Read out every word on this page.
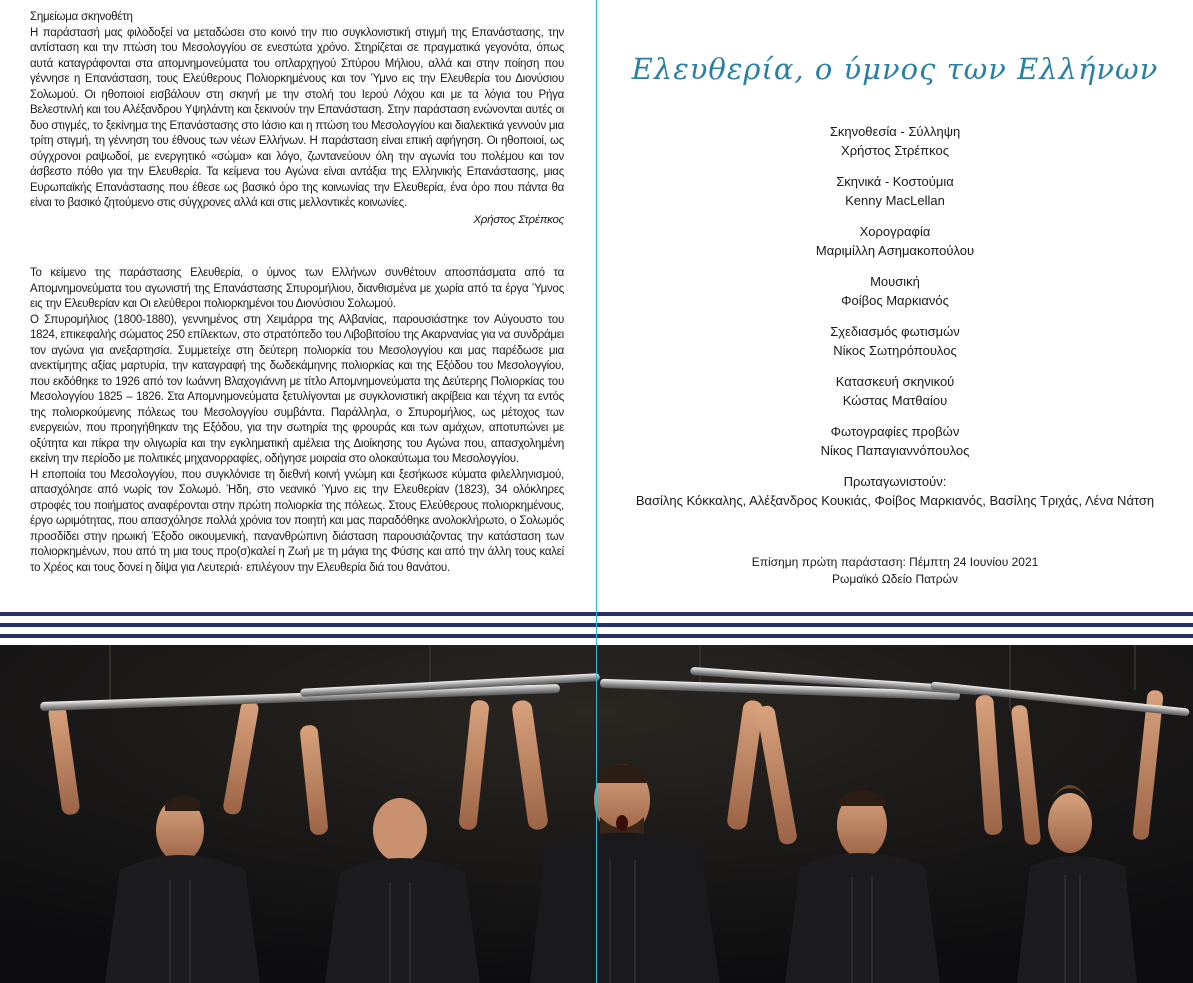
Σημείωμα σκηνοθέτη

Η παράστασή μας φιλοδοξεί να μεταδώσει στο κοινό την πιο συγκλονιστική στιγμή της Επανάστασης, την αντίσταση και την πτώση του Μεσολογγίου σε ενεστώτα χρόνο. Στηρίζεται σε πραγματικά γεγονότα, όπως αυτά καταγράφονται στα απομνημονεύματα του οπλαρχηγού Σπύρου Μήλιου, αλλά και στην ποίηση που γέννησε η Επανάσταση, τους Ελεύθερους Πολιορκημένους και τον Ύμνο εις την Ελευθερία του Διονύσιου Σολωμού. Οι ηθοποιοί εισβάλουν στη σκηνή με την στολή του Ιερού Λόχου και με τα λόγια του Ρήγα Βελεστινλή και του Αλέξανδρου Υψηλάντη και ξεκινούν την Επανάσταση. Στην παράσταση ενώνονται αυτές οι δυο στιγμές, το ξεκίνημα της Επανάστασης στο Ιάσιο και η πτώση του Μεσολογγίου και διαλεκτικά γεννούν μια τρίτη στιγμή, τη γέννηση του έθνους των νέων Ελλήνων. Η παράσταση είναι επική αφήγηση. Οι ηθοποιοί, ως σύγχρονοι ραψωδοί, με ενεργητικό «σώμα» και λόγο, ζωντανεύουν όλη την αγωνία του πολέμου και τον άσβεστο πόθο για την Ελευθερία. Τα κείμενα του Αγώνα είναι αντάξια της Ελληνικής Επανάστασης, μιας Ευρωπαϊκής Επανάστασης που έθεσε ως βασικό όρο της κοινωνίας την Ελευθερία, ένα όρο που πάντα θα είναι το βασικό ζητούμενο στις σύγχρονες αλλά και στις μελλοντικές κοινωνίες.

Χρήστος Στρέπκος

Το κείμενο της παράστασης Ελευθερία, ο ύμνος των Ελλήνων συνθέτουν αποσπάσματα από τα Απομνημονεύματα του αγωνιστή της Επανάστασης Σπυρομήλιου, διανθισμένα με χωρία από τα έργα Ύμνος εις την Ελευθερίαν και Οι ελεύθεροι πολιορκημένοι του Διονύσιου Σολωμού.

Ο Σπυρομήλιος (1800-1880), γεννημένος στη Χειμάρρα της Αλβανίας, παρουσιάστηκε τον Αύγουστο του 1824, επικεφαλής σώματος 250 επίλεκτων, στο στρατόπεδο του Λιβοβιτσίου της Ακαρνανίας για να συνδράμει τον αγώνα για ανεξαρτησία. Συμμετείχε στη δεύτερη πολιορκία του Μεσολογγίου και μας παρέδωσε μια ανεκτίμητης αξίας μαρτυρία, την καταγραφή της δωδεκάμηνης πολιορκίας και της Εξόδου του Μεσολογγίου, που εκδόθηκε το 1926 από τον Ιωάννη Βλαχογιάννη με τίτλο Απομνημονεύματα της Δεύτερης Πολιορκίας του Μεσολογγίου 1825 – 1826. Στα Απομνημονεύματα ξετυλίγονται με συγκλονιστική ακρίβεια και τέχνη τα εντός της πολιορκούμενης πόλεως του Μεσολογγίου συμβάντα. Παράλληλα, ο Σπυρομήλιος, ως μέτοχος των ενεργειών, που προηγήθηκαν της Εξόδου, για την σωτηρία της φρουράς και των αμάχων, αποτυπώνει με οξύτητα και πίκρα την ολιγωρία και την εγκληματική αμέλεια της Διοίκησης του Αγώνα που, απασχολημένη εκείνη την περίοδο με πολιτικές μηχανορραφίες, οδήγησε μοιραία στο ολοκαύτωμα του Μεσολογγίου.

Η εποποιία του Μεσολογγίου, που συγκλόνισε τη διεθνή κοινή γνώμη και ξεσήκωσε κύματα φιλελληνισμού, απασχόλησε από νωρίς τον Σολωμό. Ήδη, στο νεανικό Ύμνο εις την Ελευθερίαν (1823), 34 ολόκληρες στροφές του ποιήματος αναφέρονται στην πρώτη πολιορκία της πόλεως. Στους Ελεύθερους πολιορκημένους, έργο ωριμότητας, που απασχόλησε πολλά χρόνια τον ποιητή και μας παραδόθηκε ανολοκλήρωτο, ο Σολωμός προσδίδει στην ηρωική Έξοδο οικουμενική, πανανθρώπινη διάσταση παρουσιάζοντας την κατάσταση των πολιορκημένων, που από τη μια τους προ(σ)καλεί η Ζωή με τη μάγια της Φύσης και από την άλλη τους καλεί το Χρέος και τους δονεί η δίψα για Λευτεριά· επιλέγουν την Ελευθερία διά του θανάτου.

Ελευθερία, ο ύμνος των Ελλήνων
Σκηνοθεσία - Σύλληψη
Χρήστος Στρέπκος
Σκηνικά - Κοστούμια
Kenny MacLellan
Χορογραφία
Μαριμίλλη Ασημακοπούλου
Μουσική
Φοίβος Μαρκιανός
Σχεδιασμός φωτισμών
Νίκος Σωτηρόπουλος
Κατασκευή σκηνικού
Κώστας Ματθαίου
Φωτογραφίες προβών
Νίκος Παπαγιαννόπουλος
Πρωταγωνιστούν:
Βασίλης Κόκκαλης, Αλέξανδρος Κουκιάς, Φοίβος Μαρκιανός, Βασίλης Τριχάς, Λένα Νάτση
Επίσημη πρώτη παράσταση: Πέμπτη 24 Ιουνίου 2021
Ρωμαϊκό Ωδείο Πατρών
